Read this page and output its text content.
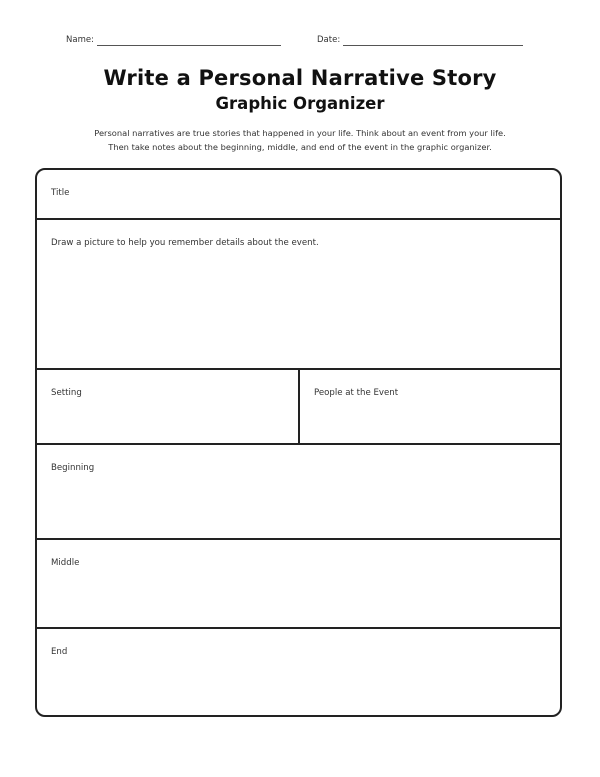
Name:	Date:
Write a Personal Narrative Story
Graphic Organizer
Personal narratives are true stories that happened in your life. Think about an event from your life.
Then take notes about the beginning, middle, and end of the event in the graphic organizer.
Title
Draw a picture to help you remember details about the event.
Setting	People at the Event
Beginning
Middle
End
